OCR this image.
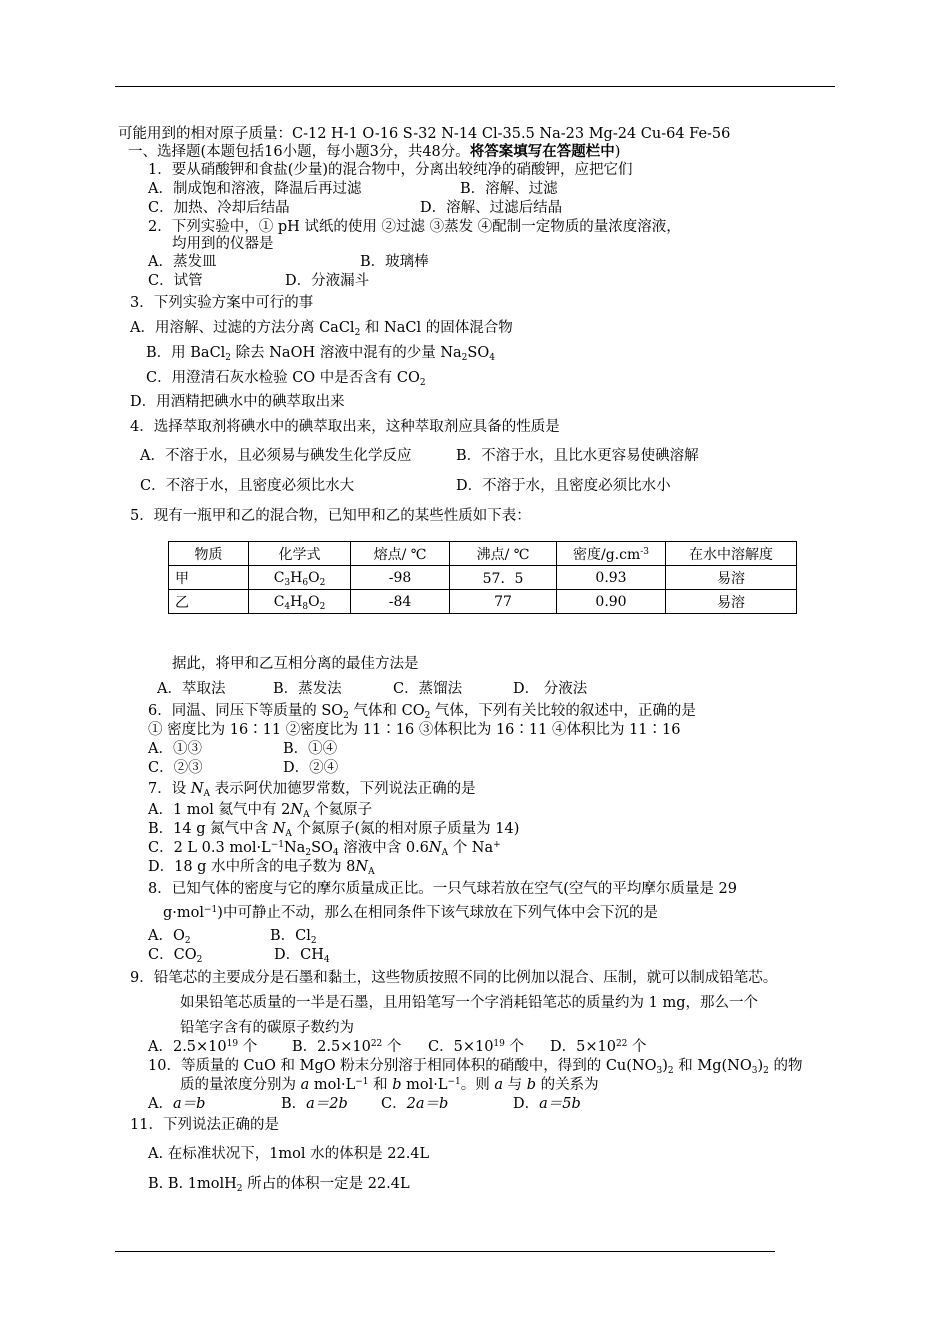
可能用到的相对原子质量：C-12 H-1 O-16 S-32 N-14 Cl-35.5 Na-23 Mg-24 Cu-64 Fe-56
一、选择题(本题包括16小题，每小题3分，共48分。将答案填写在答题栏中)
1．要从硝酸钾和食盐(少量)的混合物中，分离出较纯净的硝酸钾，应把它们
A．制成饱和溶液，降温后再过滤	B．溶解、过滤
C．加热、冷却后结晶	D．溶解、过滤后结晶
2．下列实验中，① pH 试纸的使用 ②过滤 ③蒸发 ④配制一定物质的量浓度溶液，
均用到的仪器是
A．蒸发皿	B．玻璃棒
C．试管	D．分液漏斗
3．下列实验方案中可行的事
A．用溶解、过滤的方法分离 CaCl$_2$ 和 NaCl 的固体混合物
B．用 BaCl$_2$ 除去 NaOH 溶液中混有的少量 $Na_2SO_4$
C．用澄清石灰水检验 CO 中是否含有 $CO_2$
D．用酒精把碘水中的碘萃取出来
4．选择萃取剂将碘水中的碘萃取出来，这种萃取剂应具备的性质是
A．不溶于水，且必须易与碘发生化学反应	B．不溶于水，且比水更容易使碘溶解
C．不溶于水，且密度必须比水大	D．不溶于水，且密度必须比水小
5．现有一瓶甲和乙的混合物，已知甲和乙的某些性质如下表：
物质	化学式	熔点/ ℃	沸点/ ℃	密度$/g.cm^{-3}$	在水中溶解度
甲	$C_3H_6O_2$	-98	57．5	0.93	易溶
乙	$C_4H_8O_2$	-84	77	0.90	易溶
据此，将甲和乙互相分离的最佳方法是
A．萃取法	B．蒸发法	C．蒸馏法	D． 分液法
6．同温、同压下等质量的 $SO_2$ 气体和 $CO_2$ 气体，下列有关比较的叙述中，正确的是
① 密度比为 16∶11 ②密度比为 11∶16 ③体积比为 16∶11 ④体积比为 11∶16
A．①③	B．①④
C．②③	D．②④
7．设 $N_A$ 表示阿伏加德罗常数，下列说法正确的是
A．1 mol 氦气中有 $2N_A$ 个氦原子
B．14 g 氮气中含 $N_A$ 个氮原子(氮的相对原子质量为 14)
C．2 L 0.3 $mol\cdot L^{-1}Na_2SO_4$ 溶液中含 $0.6N_A$ 个 Na+
D．18 g 水中所含的电子数为 $8N_A$
8．已知气体的密度与它的摩尔质量成正比。一只气球若放在空气(空气的平均摩尔质量是 29
g·mol$^{-1}$)中可静止不动，那么在相同条件下该气球放在下列气体中会下沉的是
A．$O_2$	B．$Cl_2$
C．$CO_2$	D．$CH_4$
9．铅笔芯的主要成分是石墨和黏土，这些物质按照不同的比例加以混合、压制，就可以制成铅笔芯。
如果铅笔芯质量的一半是石墨，且用铅笔写一个字消耗铅笔芯的质量约为 1 mg，那么一个
铅笔字含有的碳原子数约为
A．$2.5\times 10^{19}$ 个 B．$2.5\times 10^{22}$ 个 C．$5\times 10^{19}$ 个 D．$5\times 10^{22}$ 个
10．等质量的 CuO 和 MgO 粉末分别溶于相同体积的硝酸中，得到的 $Cu(NO_3)_2$ 和 $Mg(NO_3)_2$ 的物
质的量浓度分别为 a $mol\cdot L^{-1}$ 和 b $mol\cdot L^{-1}$。则 a 与 b 的关系为
A．a＝b	B．a＝2b C．2a＝b	D．a＝5b
11．下列说法正确的是
A. 在标准状况下，1mol 水的体积是 22.4L
B. B. 1molH$_2$ 所占的体积一定是 22.4L
